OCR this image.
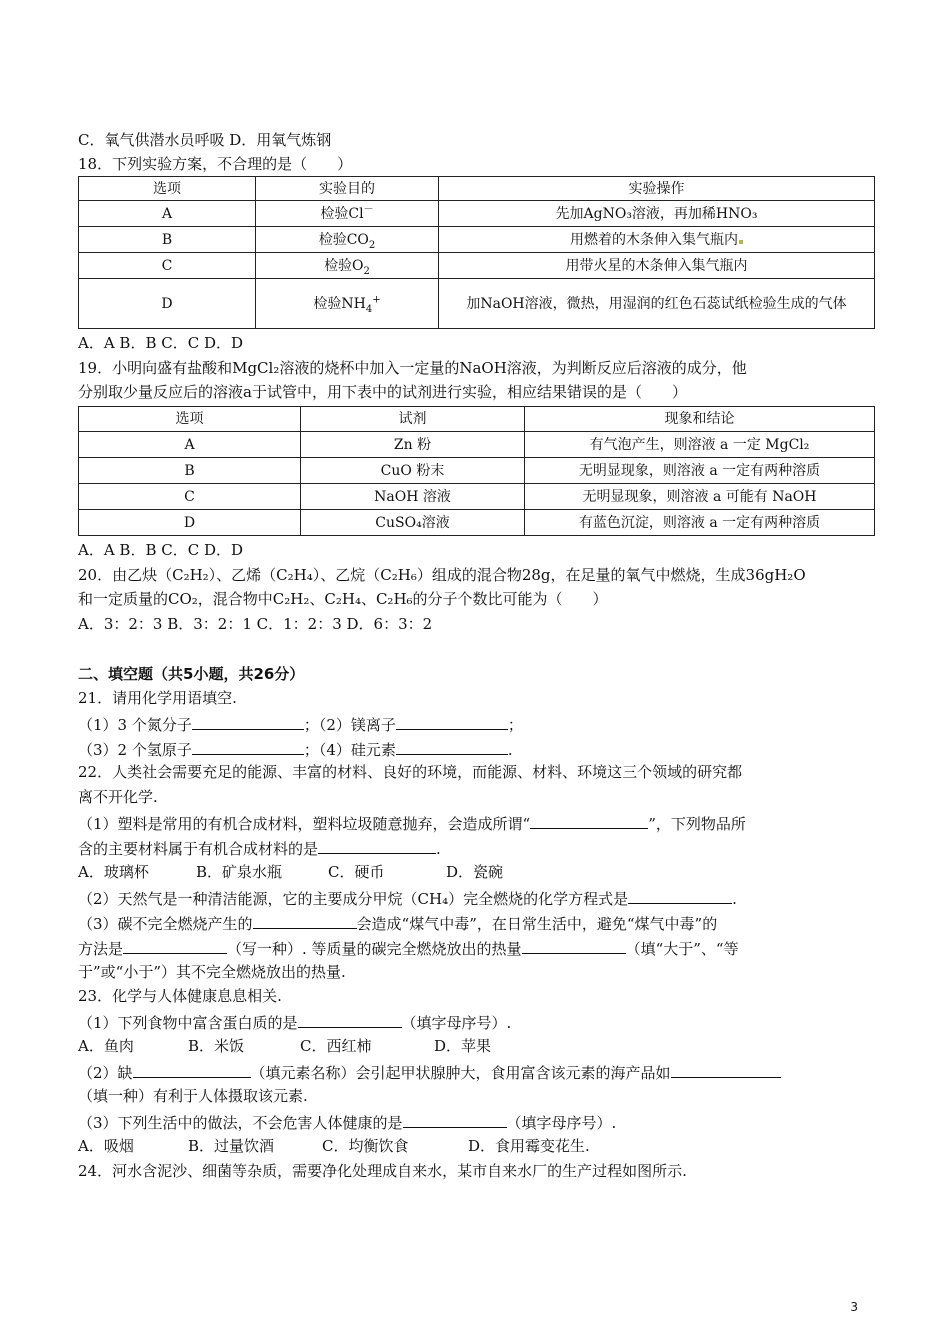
C．氧气供潜水员呼吸 D．用氧气炼钢
18．下列实验方案，不合理的是（　　）
选项	实验目的	实验操作
A	检验Cl－	先加AgNO₃溶液，再加稀HNO₃
B	检验$CO_2$	用燃着的木条伸入集气瓶内
C	检验$O_2$	用带火星的木条伸入集气瓶内
D	检验$NH_4^+$	加NaOH溶液，微热，用湿润的红色石蕊试纸检验生成的气体
A．A B．B C．C D．D
19．小明向盛有盐酸和MgCl₂溶液的烧杯中加入一定量的NaOH溶液，为判断反应后溶液的成分，他
分别取少量反应后的溶液a于试管中，用下表中的试剂进行实验，相应结果错误的是（　　）
选项	试剂	现象和结论
A	Zn 粉	有气泡产生，则溶液 a 一定 MgCl₂
B	CuO 粉末	无明显现象，则溶液 a 一定有两种溶质
C	NaOH 溶液	无明显现象，则溶液 a 可能有 NaOH
D	CuSO₄溶液	有蓝色沉淀，则溶液 a 一定有两种溶质
A．A B．B C．C D．D
20．由乙炔（C₂H₂）、乙烯（C₂H₄）、乙烷（C₂H₆）组成的混合物28g，在足量的氧气中燃烧，生成36gH₂O
和一定质量的CO₂，混合物中C₂H₂、C₂H₄、C₂H₆的分子个数比可能为（　　）
A．3：2：3 B．3：2：1 C．1：2：3 D．6：3：2
二、填空题（共5小题，共26分）
21．请用化学用语填空.
（1）3 个氮分子	；（2）镁离子	；
（3）2 个氢原子	；（4）硅元素	.
22．人类社会需要充足的能源、丰富的材料、良好的环境，而能源、材料、环境这三个领域的研究都
离不开化学.
（1）塑料是常用的有机合成材料，塑料垃圾随意抛弃，会造成所谓“	”，下列物品所
含的主要材料属于有机合成材料的是	.
A．玻璃杯	B．矿泉水瓶	C．硬币	D．瓷碗
（2）天然气是一种清洁能源，它的主要成分甲烷（CH₄）完全燃烧的化学方程式是	.
（3）碳不完全燃烧产生的	会造成“煤气中毒”，在日常生活中，避免“煤气中毒”的
方法是	（写一种）. 等质量的碳完全燃烧放出的热量	（填“大于”、“等
于”或“小于”）其不完全燃烧放出的热量.
23．化学与人体健康息息相关.
（1）下列食物中富含蛋白质的是	（填字母序号）.
A．鱼肉	B．米饭	C．西红柿	D．苹果
（2）缺	（填元素名称）会引起甲状腺肿大，食用富含该元素的海产品如
（填一种）有利于人体摄取该元素.
（3）下列生活中的做法，不会危害人体健康的是	（填字母序号）.
A．吸烟	B．过量饮酒	C．均衡饮食	D．食用霉变花生.
24．河水含泥沙、细菌等杂质，需要净化处理成自来水，某市自来水厂的生产过程如图所示.
3
